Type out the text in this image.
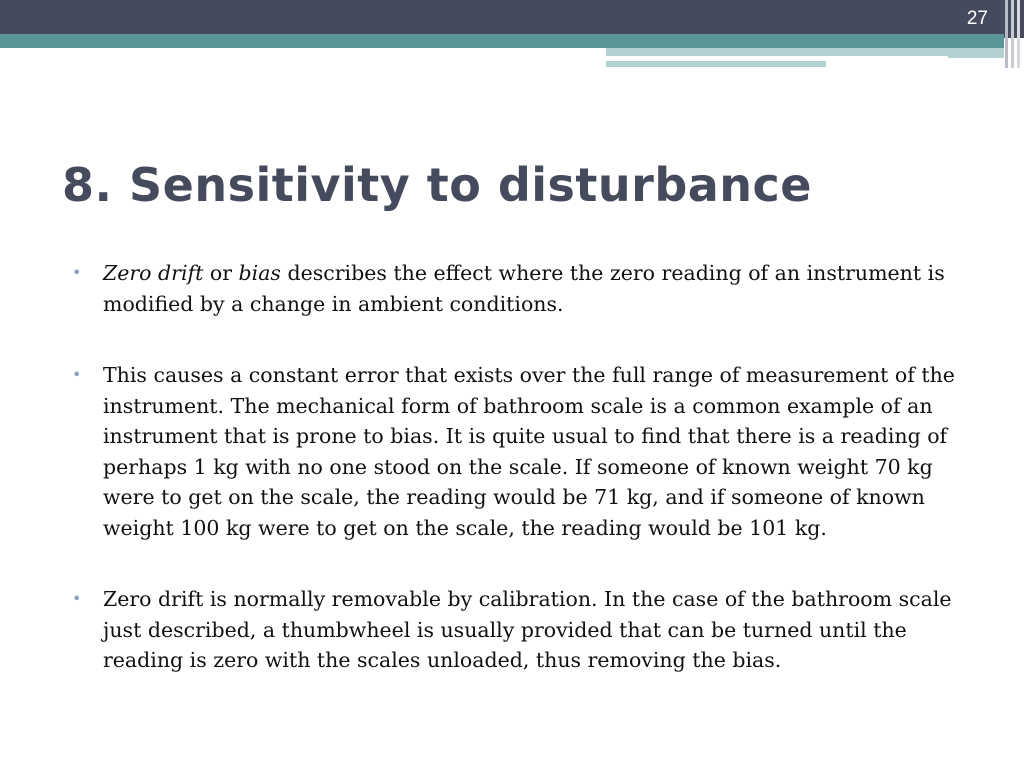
27
8. Sensitivity to disturbance
• Zero drift or bias describes the effect where the zero reading of an instrument is modified by a change in ambient conditions.
• This causes a constant error that exists over the full range of measurement of the instrument. The mechanical form of bathroom scale is a common example of an instrument that is prone to bias. It is quite usual to find that there is a reading of perhaps 1 kg with no one stood on the scale. If someone of known weight 70 kg were to get on the scale, the reading would be 71 kg, and if someone of known weight 100 kg were to get on the scale, the reading would be 101 kg.
• Zero drift is normally removable by calibration. In the case of the bathroom scale just described, a thumbwheel is usually provided that can be turned until the reading is zero with the scales unloaded, thus removing the bias.
